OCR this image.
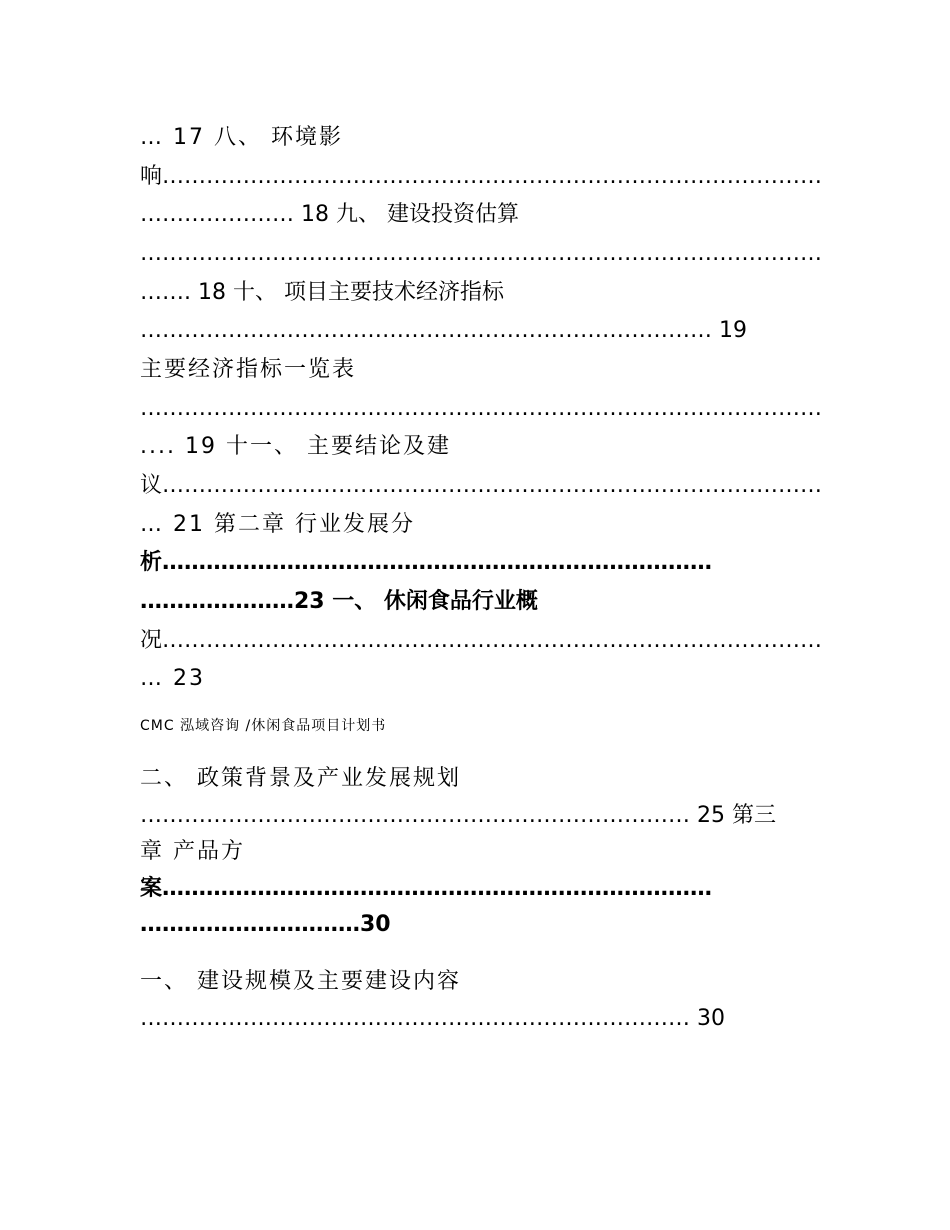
… 17 八、 环境影
响………………………………………………………………………………
………………… 18 九、 建设投资估算
…………………………………………………………………………………
……. 18 十、 项目主要技术经济指标
…………………………………………………………………… 19
主要经济指标一览表
…………………………………………………………………………………
.... 19 十一、 主要结论及建
议………………………………………………………………………………
… 21 第二章 行业发展分
析…………………………………………………………………
…………………23 一、 休闲食品行业概
况………………………………………………………………………………
… 23
CMC 泓域咨询 /休闲食品项目计划书
二、 政策背景及产业发展规划
………………………………………………………………… 25 第三
章 产品方
案…………………………………………………………………
…………………………30
一、 建设规模及主要建设内容
………………………………………………………………… 30
